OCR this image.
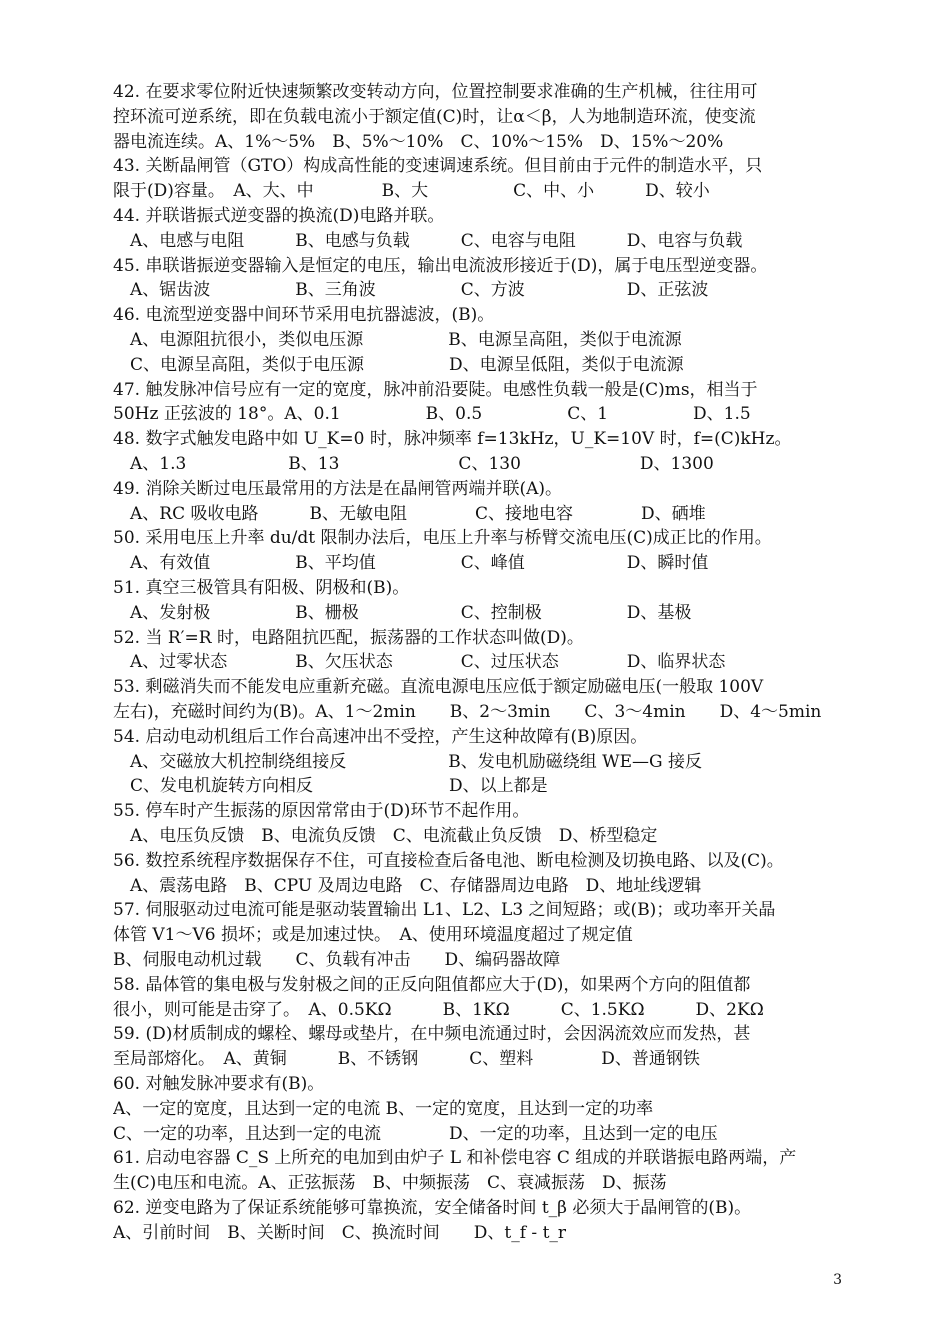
42. 在要求零位附近快速频繁改变转动方向，位置控制要求准确的生产机械，往往用可
控环流可逆系统，即在负载电流小于额定值(C)时，让α＜β，人为地制造环流，使变流
器电流连续。A、1%～5%　B、5%～10%　C、10%～15%　D、15%～20%
43. 关断晶闸管（GTO）构成高性能的变速调速系统。但目前由于元件的制造水平，只
限于(D)容量。　A、大、中　　　　B、大　　　　　C、中、小　　　D、较小
44. 并联谐振式逆变器的换流(D)电路并联。
　A、电感与电阻　　　B、电感与负载　　　C、电容与电阻　　　D、电容与负载
45. 串联谐振逆变器输入是恒定的电压，输出电流波形接近于(D)，属于电压型逆变器。
　A、锯齿波　　　　　B、三角波　　　　　C、方波　　　　　　D、正弦波
46. 电流型逆变器中间环节采用电抗器滤波，(B)。
　A、电源阻抗很小，类似电压源　　　　　B、电源呈高阻，类似于电流源
　C、电源呈高阻，类似于电压源　　　　　D、电源呈低阻，类似于电流源
47. 触发脉冲信号应有一定的宽度，脉冲前沿要陡。电感性负载一般是(C)ms，相当于
50Hz 正弦波的 18°。A、0.1　　　　　B、0.5　　　　　C、1　　　　　D、1.5
48. 数字式触发电路中如 U_K=0 时，脉冲频率 f=13kHz，U_K=10V 时，f=(C)kHz。
　A、1.3　　　　　　B、13　　　　　　　C、130　　　　　　　D、1300
49. 消除关断过电压最常用的方法是在晶闸管两端并联(A)。
　A、RC 吸收电路　　　B、无敏电阻　　　　C、接地电容　　　　D、硒堆
50. 采用电压上升率 du/dt 限制办法后，电压上升率与桥臂交流电压(C)成正比的作用。
　A、有效值　　　　　B、平均值　　　　　C、峰值　　　　　　D、瞬时值
51. 真空三极管具有阳极、阴极和(B)。
　A、发射极　　　　　B、栅极　　　　　　C、控制极　　　　　D、基极
52. 当 R′=R 时，电路阻抗匹配，振荡器的工作状态叫做(D)。
　A、过零状态　　　　B、欠压状态　　　　C、过压状态　　　　D、临界状态
53. 剩磁消失而不能发电应重新充磁。直流电源电压应低于额定励磁电压(一般取 100V
左右)，充磁时间约为(B)。A、1～2min　　B、2～3min　　C、3～4min　　D、4～5min
54. 启动电动机组后工作台高速冲出不受控，产生这种故障有(B)原因。
　A、交磁放大机控制绕组接反　　　　　　B、发电机励磁绕组 WE—G 接反
　C、发电机旋转方向相反　　　　　　　　D、以上都是
55. 停车时产生振荡的原因常常由于(D)环节不起作用。
　A、电压负反馈　B、电流负反馈　C、电流截止负反馈　D、桥型稳定
56. 数控系统程序数据保存不住，可直接检查后备电池、断电检测及切换电路、以及(C)。
　A、震荡电路　B、CPU 及周边电路　C、存储器周边电路　D、地址线逻辑
57. 伺服驱动过电流可能是驱动装置输出 L1、L2、L3 之间短路；或(B)；或功率开关晶
体管 V1～V6 损坏；或是加速过快。　A、使用环境温度超过了规定值
B、伺服电动机过载　　C、负载有冲击　　D、编码器故障
58. 晶体管的集电极与发射极之间的正反向阻值都应大于(D)，如果两个方向的阻值都
很小，则可能是击穿了。　A、0.5KΩ　　　B、1KΩ　　　C、1.5KΩ　　　D、2KΩ
59. (D)材质制成的螺栓、螺母或垫片，在中频电流通过时，会因涡流效应而发热，甚
至局部熔化。　A、黄铜　　　B、不锈钢　　　C、塑料　　　　D、普通钢铁
60. 对触发脉冲要求有(B)。
A、一定的宽度，且达到一定的电流 B、一定的宽度，且达到一定的功率
C、一定的功率，且达到一定的电流　　　　D、一定的功率，且达到一定的电压
61. 启动电容器 C_S 上所充的电加到由炉子 L 和补偿电容 C 组成的并联谐振电路两端，产
生(C)电压和电流。A、正弦振荡　B、中频振荡　C、衰减振荡　D、振荡
62. 逆变电路为了保证系统能够可靠换流，安全储备时间 t_β 必须大于晶闸管的(B)。
A、引前时间　B、关断时间　C、换流时间　　D、t_f - t_r
3
